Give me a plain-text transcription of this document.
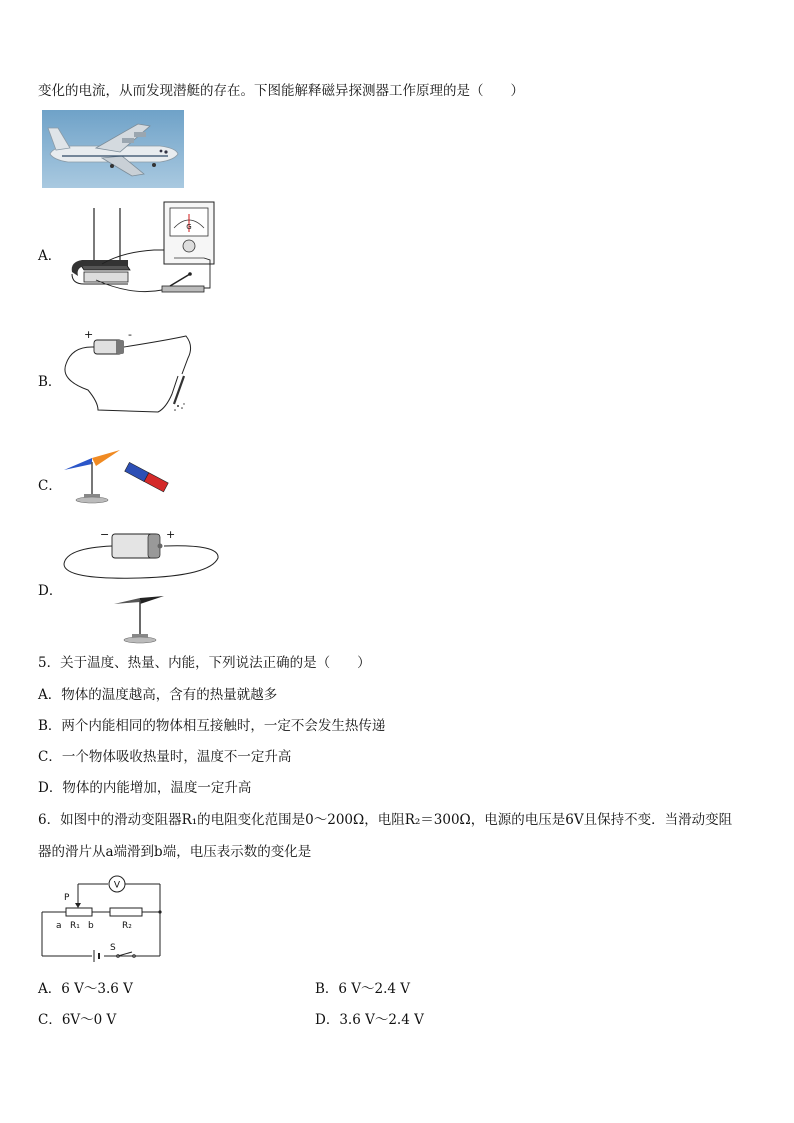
变化的电流，从而发现潜艇的存在。下图能解释磁异探测器工作原理的是（　　）
A．
G
B．
+	-
C．
D．
−	+
5．关于温度、热量、内能，下列说法正确的是（　　）
A．物体的温度越高，含有的热量就越多
B．两个内能相同的物体相互接触时，一定不会发生热传递
C．一个物体吸收热量时，温度不一定升高
D．物体的内能增加，温度一定升高
6．如图中的滑动变阻器R₁的电阻变化范围是0～200Ω，电阻R₂＝300Ω，电源的电压是6V且保持不变．当滑动变阻
器的滑片从a端滑到b端，电压表示数的变化是
S
P
V
a R₁ b	R₂
A．6 V～3.6 V	B．6 V～2.4 V
C．6V～0 V	D．3.6 V～2.4 V
